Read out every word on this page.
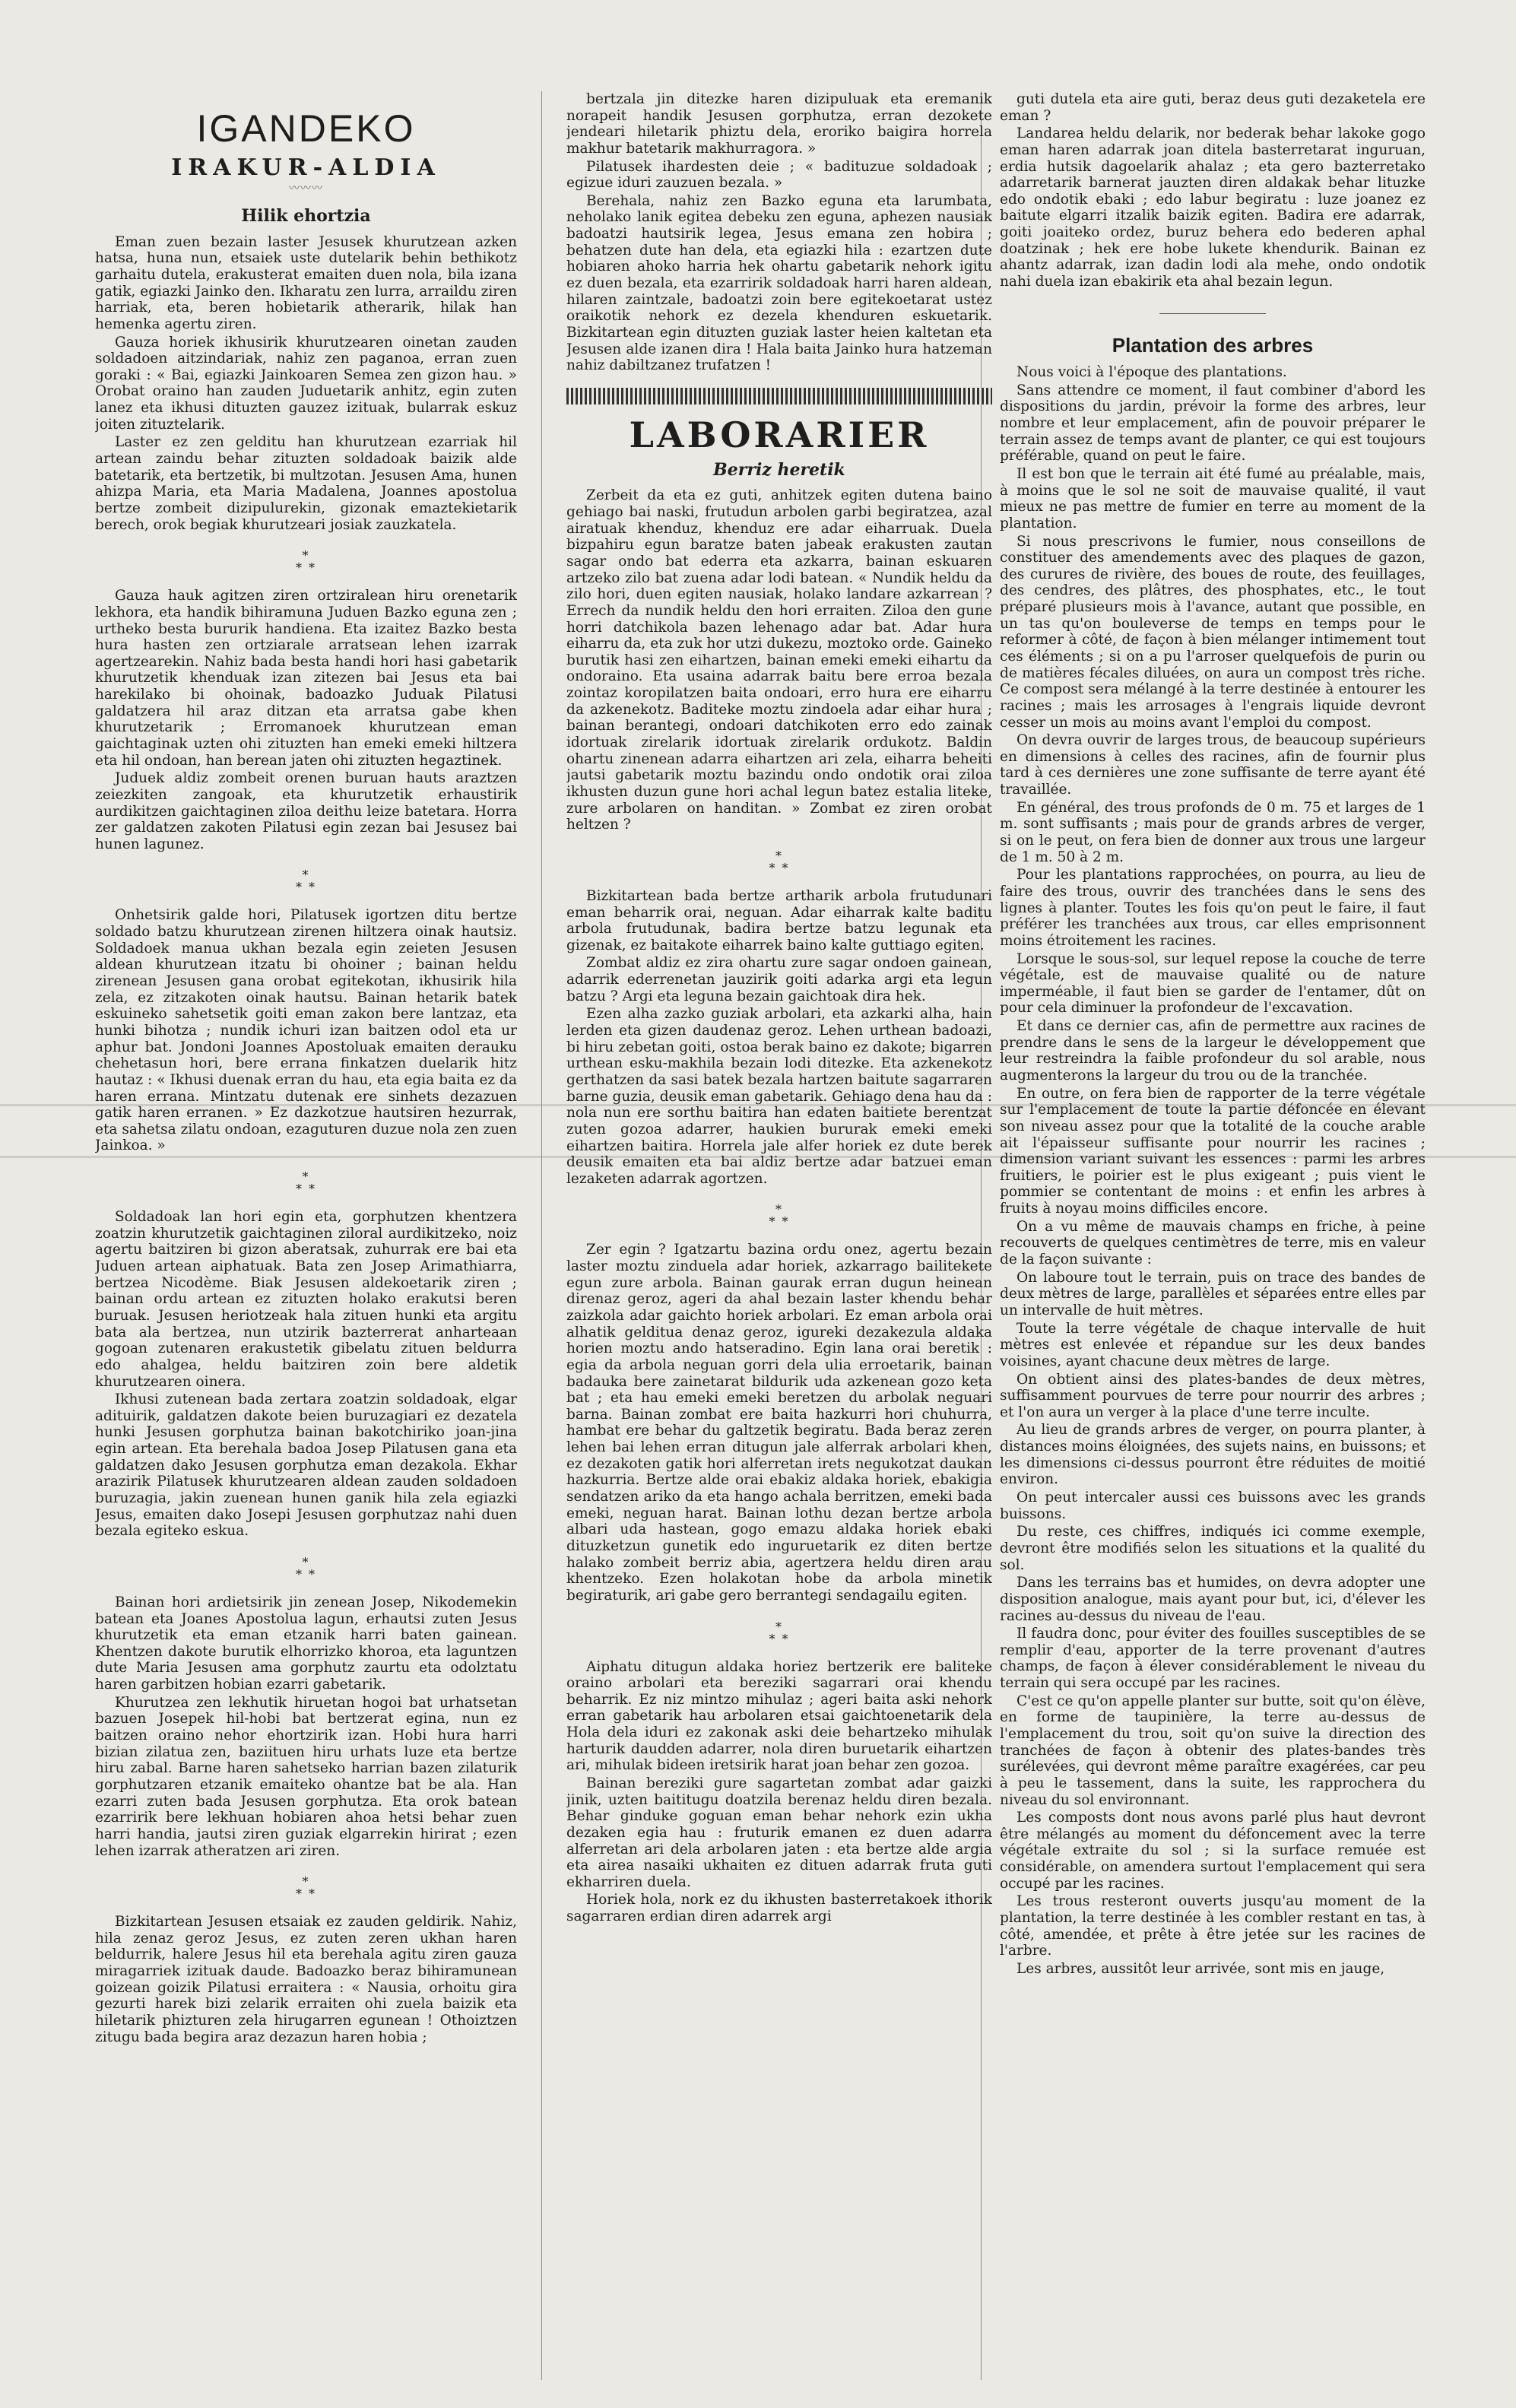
IGANDEKO
IRAKUR-ALDIA
〰〰〰
Hilik ehortzia

Eman zuen bezain laster Jesusek khurutzean azken hatsa, huna nun, etsaiek uste dutelarik behin bethikotz garhaitu dutela, erakusterat emaiten duen nola, bila izana gatik, egiazki Jainko den. Ikharatu zen lurra, arraildu ziren harriak, eta, beren hobietarik atherarik, hilak han hemenka agertu ziren.

Gauza horiek ikhusirik khurutzearen oinetan zauden soldadoen aitzindariak, nahiz zen paganoa, erran zuen goraki : « Bai, egiazki Jainkoaren Semea zen gizon hau. » Orobat oraino han zauden Juduetarik anhitz, egin zuten lanez eta ikhusi dituzten gauzez izituak, bularrak eskuz joiten zituztelarik.

Laster ez zen gelditu han khurutzean ezarriak hil artean zaindu behar zituzten soldadoak baizik alde batetarik, eta bertzetik, bi multzotan. Jesusen Ama, hunen ahizpa Maria, eta Maria Madalena, Joannes apostolua bertze zombeit dizipulurekin, gizonak emaztekietarik berech, orok begiak khurutzeari josiak zauzkatela.

*
* *

Gauza hauk agitzen ziren ortziralean hiru orenetarik lekhora, eta handik bihiramuna Juduen Bazko eguna zen ; urtheko besta bururik handiena. Eta izaitez Bazko besta hura hasten zen ortziarale arratsean lehen izarrak agertzearekin. Nahiz bada besta handi hori hasi gabetarik khurutzetik khenduak izan zitezen bai Jesus eta bai harekilako bi ohoinak, badoazko Juduak Pilatusi galdatzera hil araz ditzan eta arratsa gabe khen khurutzetarik ; Erromanoek khurutzean eman gaichtaginak uzten ohi zituzten han emeki emeki hiltzera eta hil ondoan, han berean jaten ohi zituzten hegaztinek.

Juduek aldiz zombeit orenen buruan hauts araztzen zeiezkiten zangoak, eta khurutzetik erhaustirik aurdikitzen gaichtaginen ziloa deithu leize batetara. Horra zer galdatzen zakoten Pilatusi egin zezan bai Jesusez bai hunen lagunez.

*
* *

Onhetsirik galde hori, Pilatusek igortzen ditu bertze soldado batzu khurutzean zirenen hiltzera oinak hautsiz. Soldadoek manua ukhan bezala egin zeieten Jesusen aldean khurutzean itzatu bi ohoiner ; bainan heldu zirenean Jesusen gana orobat egitekotan, ikhusirik hila zela, ez zitzakoten oinak hautsu. Bainan hetarik batek eskuineko sahetsetik goiti eman zakon bere lantzaz, eta hunki bihotza ; nundik ichuri izan baitzen odol eta ur aphur bat. Jondoni Joannes Apostoluak emaiten derauku chehetasun hori, bere errana finkatzen duelarik hitz hautaz : « Ikhusi duenak erran du hau, eta egia baita ez da haren errana. Mintzatu dutenak ere sinhets dezazuen gatik haren erranen. » Ez dazkotzue hautsiren hezurrak, eta sahetsa zilatu ondoan, ezaguturen duzue nola zen zuen Jainkoa. »

*
* *

Soldadoak lan hori egin eta, gorphutzen khentzera zoatzin khurutzetik gaichtaginen ziloral aurdikitzeko, noiz agertu baitziren bi gizon aberatsak, zuhurrak ere bai eta Juduen artean aiphatuak. Bata zen Josep Arimathiarra, bertzea Nicodème. Biak Jesusen aldekoetarik ziren ; bainan ordu artean ez zituzten holako erakutsi beren buruak. Jesusen heriotzeak hala zituen hunki eta argitu bata ala bertzea, nun utzirik bazterrerat anharteaan gogoan zutenaren erakustetik gibelatu zituen beldurra edo ahalgea, heldu baitziren zoin bere aldetik khurutzearen oinera.

Ikhusi zutenean bada zertara zoatzin soldadoak, elgar adituirik, galdatzen dakote beien buruzagiari ez dezatela hunki Jesusen gorphutza bainan bakotchiriko joan-jina egin artean. Eta berehala badoa Josep Pilatusen gana eta galdatzen dako Jesusen gorphutza eman dezakola. Ekhar arazirik Pilatusek khurutzearen aldean zauden soldadoen buruzagia, jakin zuenean hunen ganik hila zela egiazki Jesus, emaiten dako Josepi Jesusen gorphutzaz nahi duen bezala egiteko eskua.

*
* *

Bainan hori ardietsirik jin zenean Josep, Nikodemekin batean eta Joanes Apostolua lagun, erhautsi zuten Jesus khurutzetik eta eman etzanik harri baten gainean. Khentzen dakote burutik elhorrizko khoroa, eta laguntzen dute Maria Jesusen ama gorphutz zaurtu eta odolztatu haren garbitzen hobian ezarri gabetarik.

Khurutzea zen lekhutik hiruetan hogoi bat urhatsetan bazuen Josepek hil-hobi bat bertzerat egina, nun ez baitzen oraino nehor ehortzirik izan. Hobi hura harri bizian zilatua zen, baziituen hiru urhats luze eta bertze hiru zabal. Barne haren sahetseko harrian bazen zilaturik gorphutzaren etzanik emaiteko ohantze bat be ala. Han ezarri zuten bada Jesusen gorphutza. Eta orok batean ezarririk bere lekhuan hobiaren ahoa hetsi behar zuen harri handia, jautsi ziren guziak elgarrekin hirirat ; ezen lehen izarrak atheratzen ari ziren.

*
* *

Bizkitartean Jesusen etsaiak ez zauden geldirik. Nahiz, hila zenaz geroz Jesus, ez zuten zeren ukhan haren beldurrik, halere Jesus hil eta berehala agitu ziren gauza miragarriek izituak daude. Badoazko beraz bihiramunean goizean goizik Pilatusi erraitera : « Nausia, orhoitu gira gezurti harek bizi zelarik erraiten ohi zuela baizik eta hiletarik phizturen zela hirugarren egunean ! Othoiztzen zitugu bada begira araz dezazun haren hobia ;

bertzala jin ditezke haren dizipuluak eta eremanik norapeit handik Jesusen gorphutza, erran dezokete jendeari hiletarik phiztu dela, eroriko baigira horrela makhur batetarik makhurragora. »

Pilatusek ihardesten deie ; « badituzue soldadoak ; egizue iduri zauzuen bezala. »

Berehala, nahiz zen Bazko eguna eta larumbata, neholako lanik egitea debeku zen eguna, aphezen nausiak badoatzi hautsirik legea, Jesus emana zen hobira ; behatzen dute han dela, eta egiazki hila : ezartzen dute hobiaren ahoko harria hek ohartu gabetarik nehork igitu ez duen bezala, eta ezarririk soldadoak harri haren aldean, hilaren zaintzale, badoatzi zoin bere egitekoetarat ustez oraikotik nehork ez dezela khenduren eskuetarik. Bizkitartean egin dituzten guziak laster heien kaltetan eta Jesusen alde izanen dira ! Hala baita Jainko hura hatzeman nahiz dabiltzanez trufatzen !

LABORARIER
Berriz heretik

Zerbeit da eta ez guti, anhitzek egiten dutena baino gehiago bai naski, frutudun arbolen garbi begiratzea, azal airatuak khenduz, khenduz ere adar eiharruak. Duela bizpahiru egun baratze baten jabeak erakusten zautan sagar ondo bat ederra eta azkarra, bainan eskuaren artzeko zilo bat zuena adar lodi batean. « Nundik heldu da zilo hori, duen egiten nausiak, holako landare azkarrean ? Errech da nundik heldu den hori erraiten. Ziloa den gune horri datchikola bazen lehenago adar bat. Adar hura eiharru da, eta zuk hor utzi dukezu, moztoko orde. Gaineko burutik hasi zen eihartzen, bainan emeki emeki eihartu da ondoraino. Eta usaina adarrak baitu bere erroa bezala zointaz koropilatzen baita ondoari, erro hura ere eiharru da azkenekotz. Baditeke moztu zindoela adar eihar hura ; bainan berantegi, ondoari datchikoten erro edo zainak idortuak zirelarik idortuak zirelarik ordukotz. Baldin ohartu zinenean adarra eihartzen ari zela, eiharra beheiti jautsi gabetarik moztu bazindu ondo ondotik orai ziloa ikhusten duzun gune hori achal legun batez estalia liteke, zure arbolaren on handitan. » Zombat ez ziren orobat heltzen ?

*
* *

Bizkitartean bada bertze artharik arbola frutudunari eman beharrik orai, neguan. Adar eiharrak kalte baditu arbola frutudunak, badira bertze batzu legunak eta gizenak, ez baitakote eiharrek baino kalte guttiago egiten.

Zombat aldiz ez zira ohartu zure sagar ondoen gainean, adarrik ederrenetan jauzirik goiti adarka argi eta legun batzu ? Argi eta leguna bezain gaichtoak dira hek.

Ezen alha zazko guziak arbolari, eta azkarki alha, hain lerden eta gizen daudenaz geroz. Lehen urthean badoazi, bi hiru zebetan goiti, ostoa berak baino ez dakote; bigarren urthean esku-makhila bezain lodi ditezke. Eta azkenekotz gerthatzen da sasi batek bezala hartzen baitute sagarraren barne guzia, deusik eman gabetarik. Gehiago dena hau da : nola nun ere sorthu baitira han edaten baitiete berentzat zuten gozoa adarrer, haukien bururak emeki emeki eihartzen baitira. Horrela jale alfer horiek ez dute berek deusik emaiten eta bai aldiz bertze adar batzuei eman lezaketen adarrak agortzen.

*
* *

Zer egin ? Igatzartu bazina ordu onez, agertu bezain laster moztu zinduela adar horiek, azkarrago bailitekete egun zure arbola. Bainan gaurak erran dugun heinean direnaz geroz, ageri da ahal bezain laster khendu behar zaizkola adar gaichto horiek arbolari. Ez eman arbola orai alhatik gelditua denaz geroz, igureki dezakezula aldaka horien moztu ando hatseradino. Egin lana orai beretik : egia da arbola neguan gorri dela ulia erroetarik, bainan badauka bere zainetarat bildurik uda azkenean gozo keta bat ; eta hau emeki emeki beretzen du arbolak neguari barna. Bainan zombat ere baita hazkurri hori chuhurra, hambat ere behar du galtzetik begiratu. Bada beraz zeren lehen bai lehen erran ditugun jale alferrak arbolari khen, ez dezakoten gatik hori alferretan irets negukotzat daukan hazkurria. Bertze alde orai ebakiz aldaka horiek, ebakigia sendatzen ariko da eta hango achala berritzen, emeki bada emeki, neguan harat. Bainan lothu dezan bertze arbola albari uda hastean, gogo emazu aldaka horiek ebaki dituzketzun gunetik edo inguruetarik ez diten bertze halako zombeit berriz abia, agertzera heldu diren arau khentzeko. Ezen holakotan hobe da arbola minetik begiraturik, ari gabe gero berrantegi sendagailu egiten.

*
* *

Aiphatu ditugun aldaka horiez bertzerik ere baliteke oraino arbolari eta bereziki sagarrari orai khendu beharrik. Ez niz mintzo mihulaz ; ageri baita aski nehork erran gabetarik hau arbolaren etsai gaichtoenetarik dela Hola dela iduri ez zakonak aski deie behartzeko mihulak harturik daudden adarrer, nola diren buruetarik eihartzen ari, mihulak bideen iretsirik harat joan behar zen gozoa.

Bainan bereziki gure sagartetan zombat adar gaizki jinik, uzten baititugu doatzila berenaz heldu diren bezala. Behar ginduke goguan eman behar nehork ezin ukha dezaken egia hau : fruturik emanen ez duen adarra alferretan ari dela arbolaren jaten : eta bertze alde argia eta airea nasaiki ukhaiten ez dituen adarrak fruta guti ekharriren duela.

Horiek hola, nork ez du ikhusten basterretakoek ithorik sagarraren erdian diren adarrek argi

guti dutela eta aire guti, beraz deus guti dezaketela ere eman ?

Landarea heldu delarik, nor bederak behar lakoke gogo eman haren adarrak joan ditela basterretarat inguruan, erdia hutsik dagoelarik ahalaz ; eta gero bazterretako adarretarik barnerat jauzten diren aldakak behar lituzke edo ondotik ebaki ; edo labur begiratu : luze joanez ez baitute elgarri itzalik baizik egiten. Badira ere adarrak, goiti joaiteko ordez, buruz behera edo bederen aphal doatzinak ; hek ere hobe lukete khendurik. Bainan ez ahantz adarrak, izan dadin lodi ala mehe, ondo ondotik nahi duela izan ebakirik eta ahal bezain legun.

Plantation des arbres

Nous voici à l'époque des plantations.

Sans attendre ce moment, il faut combiner d'abord les dispositions du jardin, prévoir la forme des arbres, leur nombre et leur emplacement, afin de pouvoir préparer le terrain assez de temps avant de planter, ce qui est toujours préférable, quand on peut le faire.

Il est bon que le terrain ait été fumé au préalable, mais, à moins que le sol ne soit de mauvaise qualité, il vaut mieux ne pas mettre de fumier en terre au moment de la plantation.

Si nous prescrivons le fumier, nous conseillons de constituer des amendements avec des plaques de gazon, des curures de rivière, des boues de route, des feuillages, des cendres, des plâtres, des phosphates, etc., le tout préparé plusieurs mois à l'avance, autant que possible, en un tas qu'on bouleverse de temps en temps pour le reformer à côté, de façon à bien mélanger intimement tout ces éléments ; si on a pu l'arroser quelquefois de purin ou de matières fécales diluées, on aura un compost très riche. Ce compost sera mélangé à la terre destinée à entourer les racines ; mais les arrosages à l'engrais liquide devront cesser un mois au moins avant l'emploi du compost.

On devra ouvrir de larges trous, de beaucoup supérieurs en dimensions à celles des racines, afin de fournir plus tard à ces dernières une zone suffisante de terre ayant été travaillée.

En général, des trous profonds de 0 m. 75 et larges de 1 m. sont suffisants ; mais pour de grands arbres de verger, si on le peut, on fera bien de donner aux trous une largeur de 1 m. 50 à 2 m.

Pour les plantations rapprochées, on pourra, au lieu de faire des trous, ouvrir des tranchées dans le sens des lignes à planter. Toutes les fois qu'on peut le faire, il faut préférer les tranchées aux trous, car elles emprisonnent moins étroitement les racines.

Lorsque le sous-sol, sur lequel repose la couche de terre végétale, est de mauvaise qualité ou de nature imperméable, il faut bien se garder de l'entamer, dût on pour cela diminuer la profondeur de l'excavation.

Et dans ce dernier cas, afin de permettre aux racines de prendre dans le sens de la largeur le développement que leur restreindra la faible profondeur du sol arable, nous augmenterons la largeur du trou ou de la tranchée.

En outre, on fera bien de rapporter de la terre végétale sur l'emplacement de toute la partie défoncée en élevant son niveau assez pour que la totalité de la couche arable ait l'épaisseur suffisante pour nourrir les racines ; dimension variant suivant les essences : parmi les arbres fruitiers, le poirier est le plus exigeant ; puis vient le pommier se contentant de moins : et enfin les arbres à fruits à noyau moins difficiles encore.

On a vu même de mauvais champs en friche, à peine recouverts de quelques centimètres de terre, mis en valeur de la façon suivante :

On laboure tout le terrain, puis on trace des bandes de deux mètres de large, parallèles et séparées entre elles par un intervalle de huit mètres.

Toute la terre végétale de chaque intervalle de huit mètres est enlevée et répandue sur les deux bandes voisines, ayant chacune deux mètres de large.

On obtient ainsi des plates-bandes de deux mètres, suffisamment pourvues de terre pour nourrir des arbres ; et l'on aura un verger à la place d'une terre inculte.

Au lieu de grands arbres de verger, on pourra planter, à distances moins éloignées, des sujets nains, en buissons; et les dimensions ci-dessus pourront être réduites de moitié environ.

On peut intercaler aussi ces buissons avec les grands buissons.

Du reste, ces chiffres, indiqués ici comme exemple, devront être modifiés selon les situations et la qualité du sol.

Dans les terrains bas et humides, on devra adopter une disposition analogue, mais ayant pour but, ici, d'élever les racines au-dessus du niveau de l'eau.

Il faudra donc, pour éviter des fouilles susceptibles de se remplir d'eau, apporter de la terre provenant d'autres champs, de façon à élever considérablement le niveau du terrain qui sera occupé par les racines.

C'est ce qu'on appelle planter sur butte, soit qu'on élève, en forme de taupinière, la terre au-dessus de l'emplacement du trou, soit qu'on suive la direction des tranchées de façon à obtenir des plates-bandes très surélevées, qui devront même paraître exagérées, car peu à peu le tassement, dans la suite, les rapprochera du niveau du sol environnant.

Les composts dont nous avons parlé plus haut devront être mélangés au moment du défoncement avec la terre végétale extraite du sol ; si la surface remuée est considérable, on amendera surtout l'emplacement qui sera occupé par les racines.

Les trous resteront ouverts jusqu'au moment de la plantation, la terre destinée à les combler restant en tas, à côté, amendée, et prête à être jetée sur les racines de l'arbre.

Les arbres, aussitôt leur arrivée, sont mis en jauge,
